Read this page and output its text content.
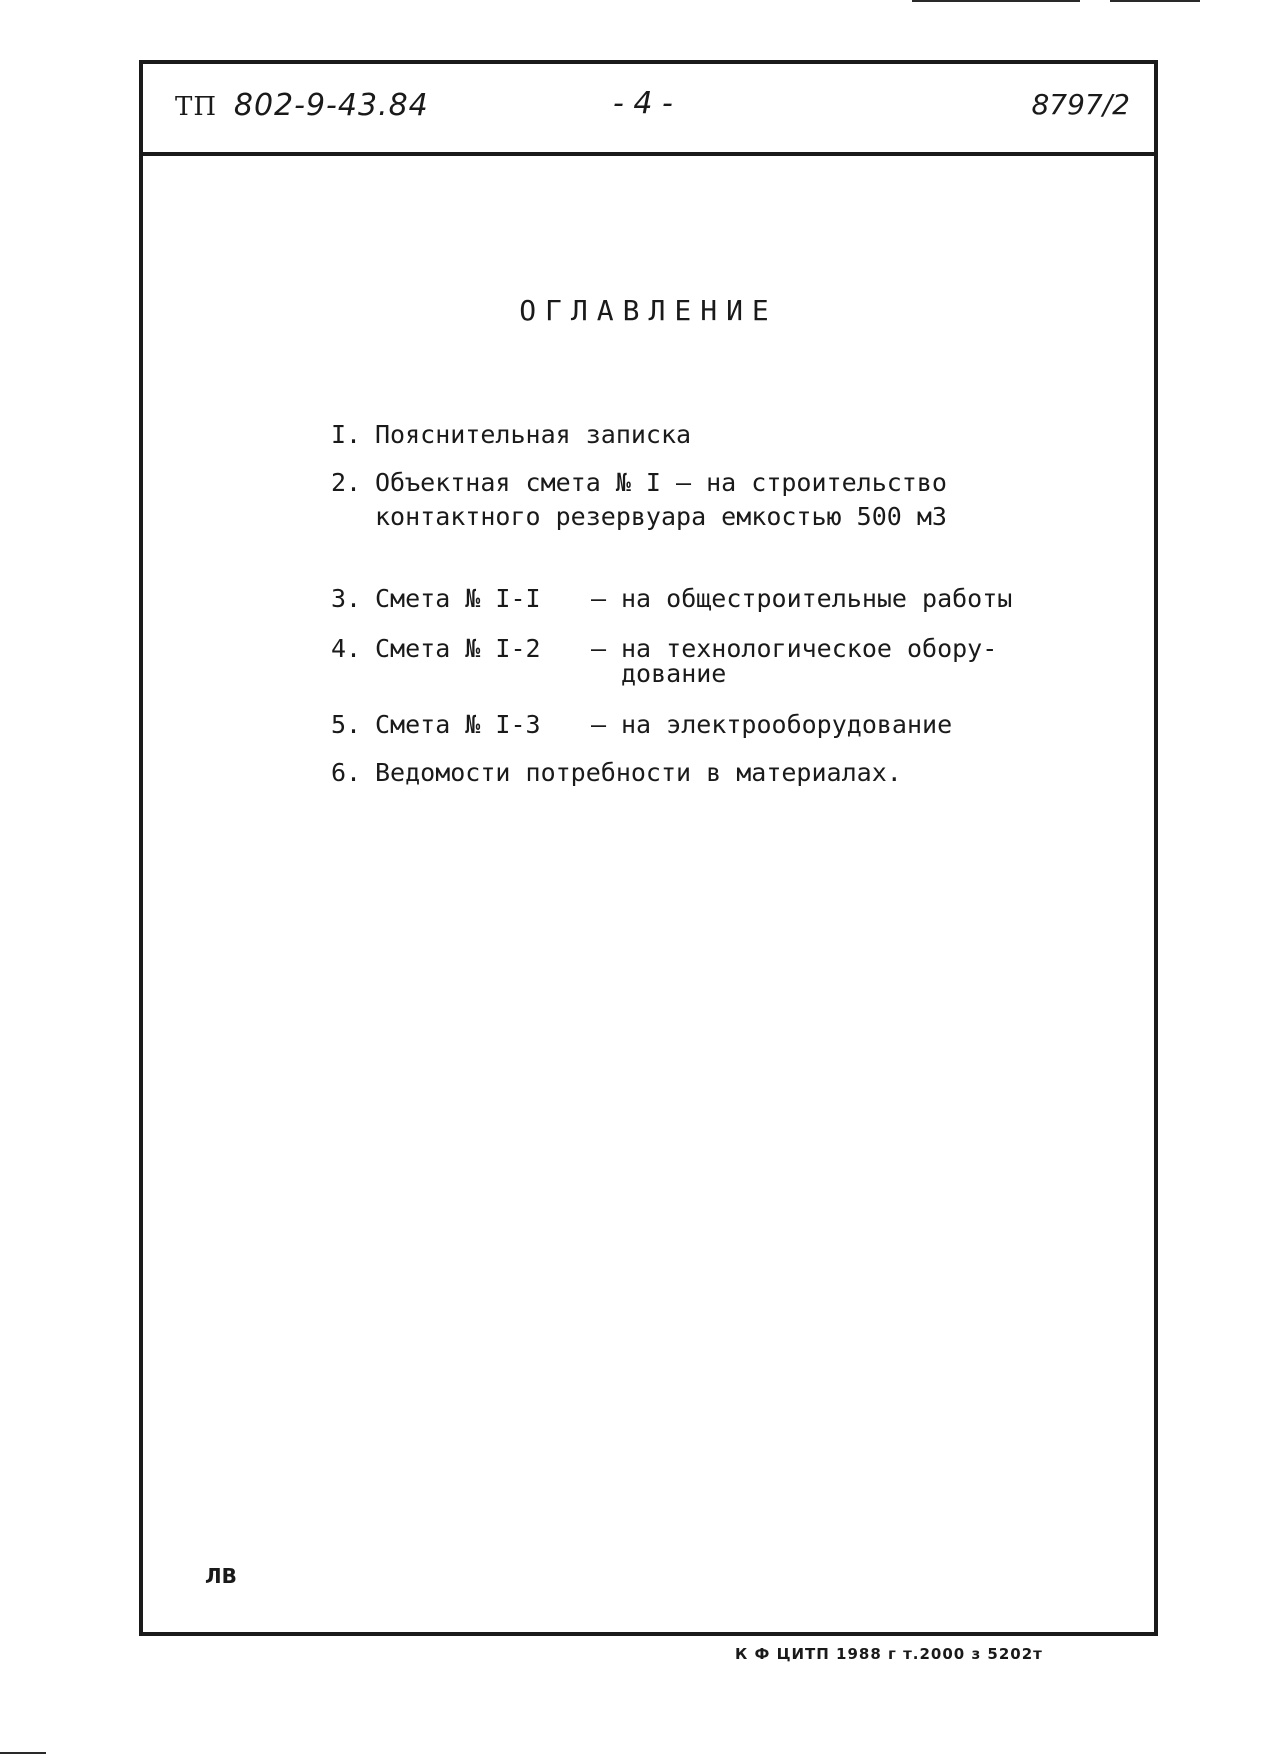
ТП 802-9-43.84	- 4 -	8797/2
ОГЛАВЛЕНИЕ
I. Пояснительная записка
2. Объектная смета № I – на строительство
контактного резервуара емкостью 500 м3
3. Смета № I-I – на общестроительные работы
4. Смета № I-2 – на технологическое обору-
дование
5. Смета № I-3 – на электрооборудование
6. Ведомости потребности в материалах.
ЛВ
К Ф ЦИТП 1988 г т.2000 з 5202т
